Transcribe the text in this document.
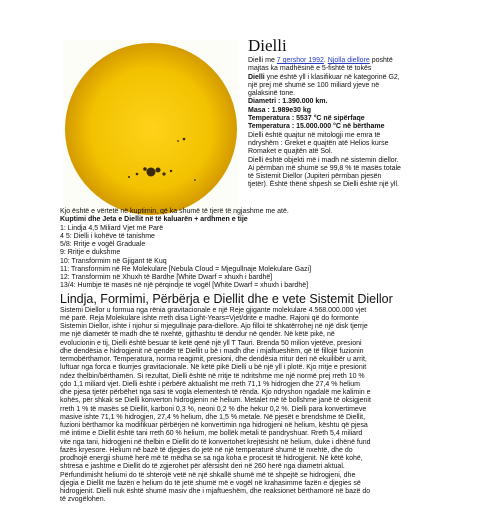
Dielli
Dielli me 7 qershor 1992. Njolla diellore poshtë
majtas ka madhësinë e 5-fishtë të tokës
Dielli yne është yll i klasifikuar në kategorinë G2,
një prej më shumë se 100 miliard yjeve në
galaksinë tone.
Diametri : 1.390.000 km.
Masa : 1.989e30 kg
Temperatura : 5537 °C në sipërfaqe
Temperatura : 15.000.000 °C në bërthame
Dielli është quajtur në mitologji me emra të
ndryshëm : Greket e quajtën atë Helios kurse
Romaket e quajtën atë Sol.
Dielli është objekti më i madh në sistemin diellor.
Ai përmban më shumë se 99,8 % të masës totale
të Sistemit Diellor (Jupiteri përmban pjesën
tjetër). Është thënë shpesh se Dielli është një yll.
Kjo është e vërtetë në kuptimin, që ka shumë të tjerë të ngjashme me atë.
Kuptimi dhe Jeta e Diellit në të kaluarën + ardhmen e tije
1: Lindja 4,5 Miliard Vjet më Parë
4 5: Dielli i kohëve të tanishme
5/8: Rritje e vogël Graduale
9: Rritje e dukshme
10: Transformim në Gjigant të Kuq
11: Transformim në Re Molekulare [Nebula Cloud = Mjegullnaje Molekulare Gazi]
12: Transformim në Xhuxh të Bardhe [White Dwarf = xhuxh i bardhë]
13/4: Humbje të masës në një përqindje të vogël [White Dwarf = xhuxh i bardhë]
Lindja, Formimi, Përbërja e Diellit dhe e vete Sistemit Diellor
Sistemi Diellor u formua nga rënia gravitacionale e një Reje gjigante molekulare 4.568.000.000 vjet
më parë. Reja Molekulare ishte rreth disa Light-Years=Vjet/drite e madhe. Rajoni që do formonte
Sistemin Diellor, ishte i njohur si mjegullnaje para-diellore. Ajo filloi të shkatërrohej në një disk tjerrje
me një diametër të madh dhe të nxehtë, gjithashtu të dendur në qendër. Në këtë pikë, në
evolucionin e tij, Dielli është besuar të ketë qenë një yll T Tauri. Brenda 50 milion vjetëve, presioni
dhe dendësia e hidrogjenit në qendër të Diellit u bë i madh dhe i mjaftueshëm, që të fillojë fuzionin
termobërthamor. Temperatura, norma reagimit, presioni, dhe dendësia rritur deri në ekuilibër u arrit,
luftuar nga forca e tkurrjes gravitacionale. Në këtë pikë Dielli u bë një yll i plotë. Kjo rritje e presionit
ndez thelbin/bërthamën. Si rezultat, Dielli është në rritje të ndritshme me një normë prej rreth 10 %
çdo 1,1 miliard vjet. Dielli është i përbërë aktualisht me rreth 71,1 % hidrogjen dhe 27,4 % helium
dhe pjesa tjetër përbëhet nga sasi të vogla elementesh të rënda. Kjo ndryshon ngadalë me kalimin e
kohës, për shkak se Dielli konverton hidrogjenin në helium. Metalet më të bollshme janë të oksigjenit
rreth 1 % të masës së Diellit, karboni 0,3 %, neoni 0,2 % dhe hekur 0,2 %. Dielli para konvertimeve
masive ishte 71,1 % hidrogjen, 27,4 % helium, dhe 1,5 % metale. Në pjesët e brendshme të Diellit,
fuzioni bërthamor ka modifikuar përbërjen në konvertimin nga hidrogjeni në helium, kështu që pjesa
më intime e Diellit është tani rreth 60 % helium, me bollëk metali të pandryshuar. Rreth 5,4 miliard
vite nga tani, hidrogjeni në thelbin e Diellit do të konvertohet krejtësisht në helium, duke i dhënë fund
fazës kryesore. Helium në bazë të djegies do jetë në një temperaturë shumë të nxehtë, dhe do
prodhojë energji shumë herë më të mëdha se sa nga koha e procesit të hidrogjenit. Në këtë kohë,
shtresa e jashtme e Diellit do të zgjerohet për afërsisht deri në 260 herë nga diametri aktual.
Përfundimisht heliumi do të shterojë vetë në një shkallë shumë më të shpejtë se hidrogjeni, dhe
djegia e Diellit me fazën e helium do të jetë shumë më e vogël në krahasimme fazën e djegies së
hidrogjenit. Dielli nuk është shumë masiv dhe i mjaftueshëm, dhe reaksionet bërthamorë në bazë do
të zvogëlohen.
